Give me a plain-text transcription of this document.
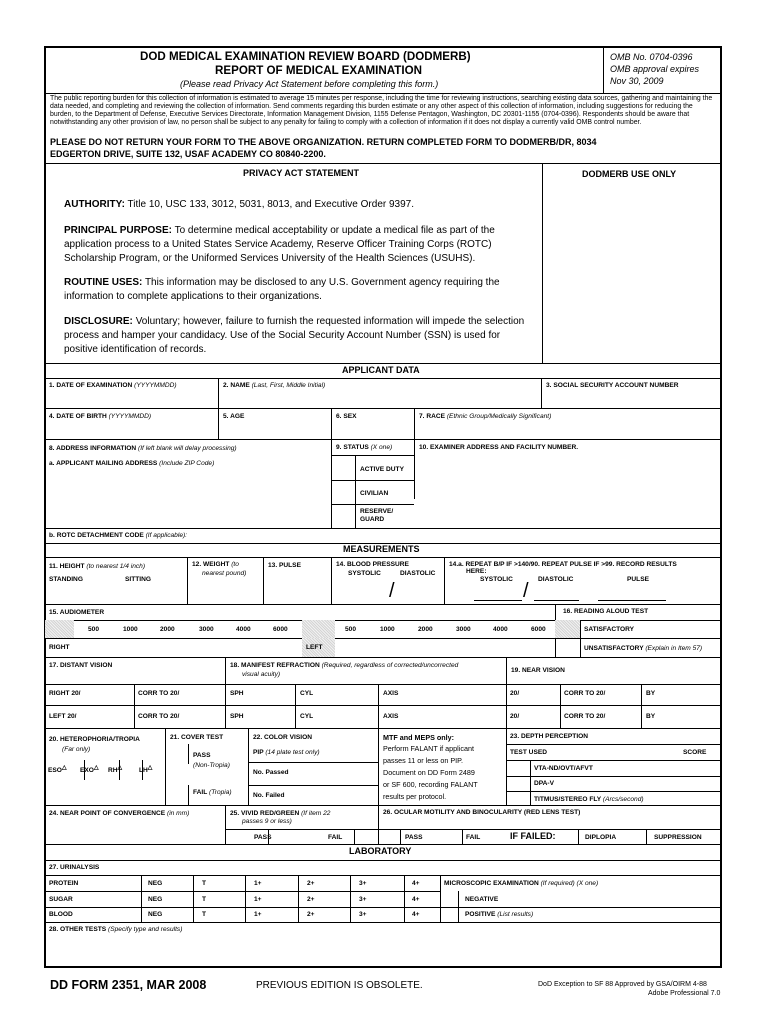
DOD MEDICAL EXAMINATION REVIEW BOARD (DODMERB)
REPORT OF MEDICAL EXAMINATION
(Please read Privacy Act Statement before completing this form.)
OMB No. 0704-0396
OMB approval expires
Nov 30, 2009
The public reporting burden for this collection of information is estimated to average 15 minutes per response, including the time for reviewing instructions, searching existing data sources, gathering and maintaining the data needed, and completing and reviewing the collection of information. Send comments regarding this burden estimate or any other aspect of this collection of information, including suggestions for reducing the burden, to the Department of Defense, Executive Services Directorate, Information Management Division, 1155 Defense Pentagon, Washington, DC 20301-1155 (0704-0396). Respondents should be aware that notwithstanding any other provision of law, no person shall be subject to any penalty for failing to comply with a collection of information if it does not display a currently valid OMB control number.
PLEASE DO NOT RETURN YOUR FORM TO THE ABOVE ORGANIZATION. RETURN COMPLETED FORM TO DODMERB/DR, 8034
EDGERTON DRIVE, SUITE 132, USAF ACADEMY CO 80840-2200.
PRIVACY ACT STATEMENT	DODMERB USE ONLY
AUTHORITY: Title 10, USC 133, 3012, 5031, 8013, and Executive Order 9397.
PRINCIPAL PURPOSE: To determine medical acceptability or update a medical file as part of the application process to a United States Service Academy, Reserve Officer Training Corps (ROTC) Scholarship Program, or the Uniformed Services University of the Health Sciences (USUHS).
ROUTINE USES: This information may be disclosed to any U.S. Government agency requiring the information to complete applications to their organizations.
DISCLOSURE: Voluntary; however, failure to furnish the requested information will impede the selection process and hamper your candidacy. Use of the Social Security Account Number (SSN) is used for positive identification of records.
APPLICANT DATA
1. DATE OF EXAMINATION (YYYYMMDD)	2. NAME (Last, First, Middle Initial)	3. SOCIAL SECURITY ACCOUNT NUMBER
4. DATE OF BIRTH (YYYYMMDD)	5. AGE	6. SEX	7. RACE (Ethnic Group/Medically Significant)
8. ADDRESS INFORMATION (If left blank will delay processing)
a. APPLICANT MAILING ADDRESS (Include ZIP Code)
9. STATUS (X one)
ACTIVE DUTY
CIVILIAN
RESERVE/
GUARD
10. EXAMINER ADDRESS AND FACILITY NUMBER.
b. ROTC DETACHMENT CODE (If applicable):
MEASUREMENTS
11. HEIGHT (to nearest 1/4 inch)
STANDING	SITTING
12. WEIGHT (to
nearest pound)
13. PULSE	14. BLOOD PRESSURE
SYSTOLIC	DIASTOLIC
/
14.a. REPEAT B/P IF >140/90. REPEAT PULSE IF >99. RECORD RESULTS
HERE:
SYSTOLIC	DIASTOLIC	PULSE
/
15. AUDIOMETER
500	1000	2000	3000	4000	6000	500	1000	2000	3000	4000	6000
RIGHT	LEFT
16. READING ALOUD TEST
SATISFACTORY
UNSATISFACTORY (Explain in Item 57)
17. DISTANT VISION	18. MANIFEST REFRACTION (Required, regardless of corrected/uncorrected
visual acuity)
19. NEAR VISION
RIGHT 20/	CORR TO 20/	SPH	CYL	AXIS	20/	CORR TO 20/	BY
LEFT 20/	CORR TO 20/	SPH	CYL	AXIS	20/	CORR TO 20/	BY
20. HETEROPHORIA/TROPIA
(Far only)
ESO△ EXO△ RH△	LH△
21. COVER TEST
PASS
(Non-Tropia)
FAIL (Tropia)
22. COLOR VISION
PIP (14 plate test only)
No. Passed
No. Failed
MTF and MEPS only:
Perform FALANT if applicant
passes 11 or less on PIP.
Document on DD Form 2489
or SF 600, recording FALANT
results per protocol.
23. DEPTH PERCEPTION
TEST USED	SCORE
VTA-ND/OVT/AFVT
DPA-V
TITMUS/STEREO FLY (Arcs/second)
24. NEAR POINT OF CONVERGENCE (in mm)	25. VIVID RED/GREEN (If item 22
passes 9 or less)
PASS	FAIL
26. OCULAR MOTILITY AND BINOCULARITY (RED LENS TEST)
PASS	FAIL	IF FAILED:	DIPLOPIA	SUPPRESSION
LABORATORY
27. URINALYSIS
PROTEIN	NEG	T	1+	2+	3+	4+
SUGAR	NEG	T	1+	2+	3+	4+
BLOOD	NEG	T	1+	2+	3+	4+
MICROSCOPIC EXAMINATION (If required) (X one)
NEGATIVE
POSITIVE (List results)
28. OTHER TESTS (Specify type and results)
DD FORM 2351, MAR 2008	PREVIOUS EDITION IS OBSOLETE.	DoD Exception to SF 88 Approved by GSA/OIRM 4-88
Adobe Professional 7.0
